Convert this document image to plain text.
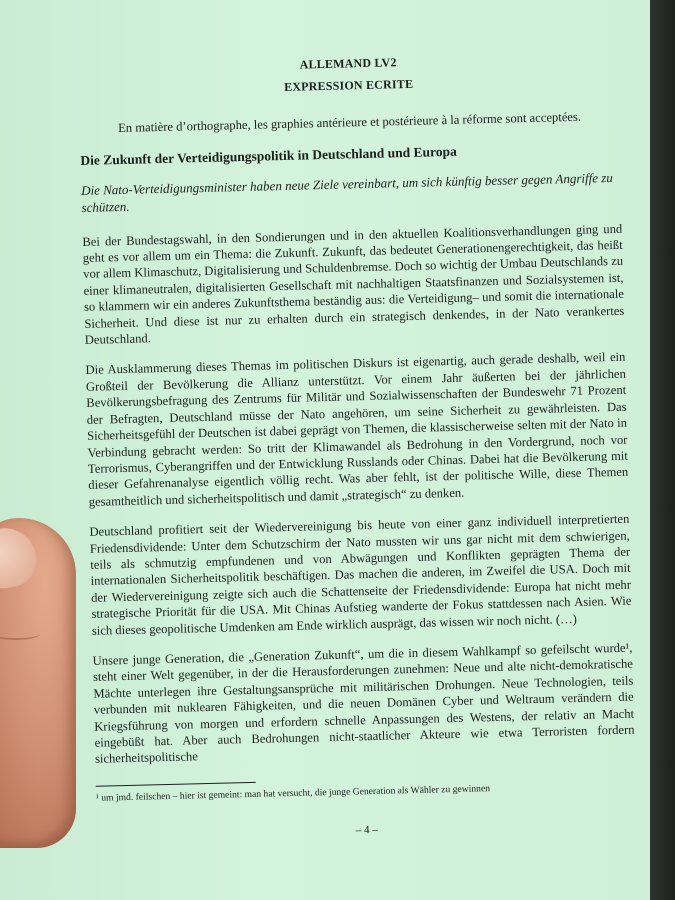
ALLEMAND LV2
EXPRESSION ECRITE
En matière d’orthographe, les graphies antérieure et postérieure à la réforme sont acceptées.
Die Zukunft der Verteidigungspolitik in Deutschland und Europa
Die Nato-Verteidigungsminister haben neue Ziele vereinbart, um sich künftig besser gegen Angriffe zu schützen.

Bei der Bundestagswahl, in den Sondierungen und in den aktuellen Koalitionsverhandlungen ging und geht es vor allem um ein Thema: die Zukunft. Zukunft, das bedeutet Generationengerechtigkeit, das heißt vor allem Klimaschutz, Digitalisierung und Schuldenbremse. Doch so wichtig der Umbau Deutschlands zu einer klimaneutralen, digitalisierten Gesellschaft mit nachhaltigen Staatsfinanzen und Sozialsystemen ist, so klammern wir ein anderes Zukunftsthema beständig aus: die Verteidigung– und somit die internationale Sicherheit. Und diese ist nur zu erhalten durch ein strategisch denkendes, in der Nato verankertes Deutschland.

Die Ausklammerung dieses Themas im politischen Diskurs ist eigenartig, auch gerade deshalb, weil ein Großteil der Bevölkerung die Allianz unterstützt. Vor einem Jahr äußerten bei der jährlichen Bevölkerungsbefragung des Zentrums für Militär und Sozialwissenschaften der Bundeswehr 71 Prozent der Befragten, Deutschland müsse der Nato angehören, um seine Sicherheit zu gewährleisten. Das Sicherheitsgefühl der Deutschen ist dabei geprägt von Themen, die klassischerweise selten mit der Nato in Verbindung gebracht werden: So tritt der Klimawandel als Bedrohung in den Vordergrund, noch vor Terrorismus, Cyberangriffen und der Entwicklung Russlands oder Chinas. Dabei hat die Bevölkerung mit dieser Gefahrenanalyse eigentlich völlig recht. Was aber fehlt, ist der politische Wille, diese Themen gesamtheitlich und sicherheitspolitisch und damit „strategisch“ zu denken.

Deutschland profitiert seit der Wiedervereinigung bis heute von einer ganz individuell interpretierten Friedensdividende: Unter dem Schutzschirm der Nato mussten wir uns gar nicht mit dem schwierigen, teils als schmutzig empfundenen und von Abwägungen und Konflikten geprägten Thema der internationalen Sicherheitspolitik beschäftigen. Das machen die anderen, im Zweifel die USA. Doch mit der Wiedervereinigung zeigte sich auch die Schattenseite der Friedensdividende: Europa hat nicht mehr strategische Priorität für die USA. Mit Chinas Aufstieg wanderte der Fokus stattdessen nach Asien. Wie sich dieses geopolitische Umdenken am Ende wirklich ausprägt, das wissen wir noch nicht. (…)

Unsere junge Generation, die „Generation Zukunft“, um die in diesem Wahlkampf so gefeilscht wurde¹, steht einer Welt gegenüber, in der die Herausforderungen zunehmen: Neue und alte nicht-demokratische Mächte unterlegen ihre Gestaltungsansprüche mit militärischen Drohungen. Neue Technologien, teils verbunden mit nuklearen Fähigkeiten, und die neuen Domänen Cyber und Weltraum verändern die Kriegsführung von morgen und erfordern schnelle Anpassungen des Westens, der relativ an Macht eingebüßt hat. Aber auch Bedrohungen nicht-staatlicher Akteure wie etwa Terroristen fordern sicherheitspolitische

¹ um jmd. feilschen – hier ist gemeint: man hat versucht, die junge Generation als Wähler zu gewinnen
– 4 –
